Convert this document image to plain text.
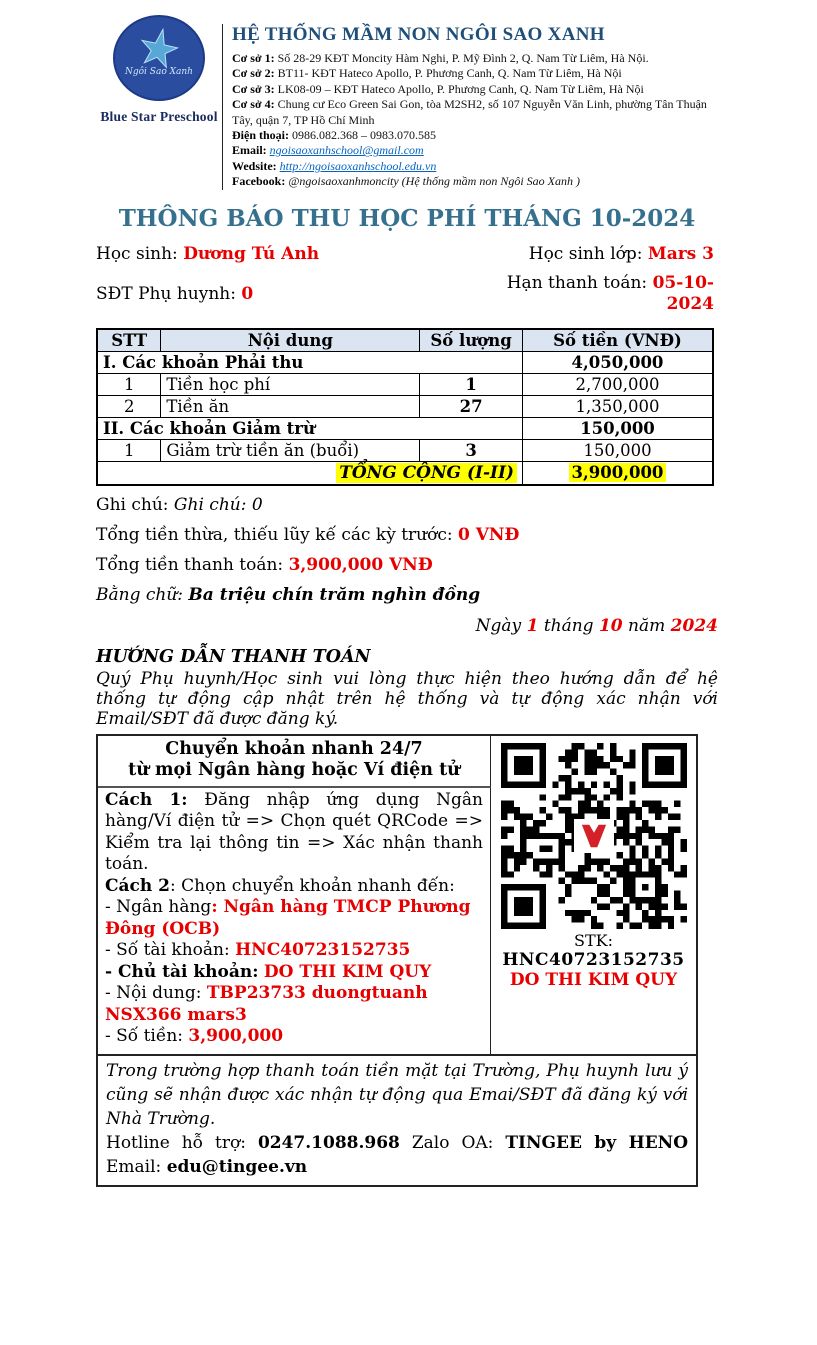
Ngôi Sao Xanh
Blue Star Preschool
HỆ THỐNG MẦM NON NGÔI SAO XANH
Cơ sở 1: Số 28-29 KĐT Moncity Hàm Nghi, P. Mỹ Đình 2, Q. Nam Từ Liêm, Hà Nội.
Cơ sở 2: BT11- KĐT Hateco Apollo, P. Phương Canh, Q. Nam Từ Liêm, Hà Nội
Cơ sở 3: LK08-09 – KĐT Hateco Apollo, P. Phương Canh, Q. Nam Từ Liêm, Hà Nội
Cơ sở 4: Chung cư Eco Green Sai Gon, tòa M2SH2, số 107 Nguyễn Văn Linh, phường Tân Thuận Tây, quận 7, TP Hồ Chí Minh
Điện thoại: 0986.082.368 – 0983.070.585
Email: ngoisaoxanhschool@gmail.com
Wedsite: http://ngoisaoxanhschool.edu.vn
Facebook: @ngoisaoxanhmoncity (Hệ thống mầm non Ngôi Sao Xanh )
THÔNG BÁO THU HỌC PHÍ THÁNG 10-2024
Học sinh: Dương Tú Anh	Học sinh lớp: Mars 3
SĐT Phụ huynh: 0
Hạn thanh toán: 05-10-2024
STT	Nội dung	Số lượng	Số tiền (VNĐ)
I. Các khoản Phải thu			4,050,000
1	Tiền học phí	1	2,700,000
2	Tiền ăn	27	1,350,000
II. Các khoản Giảm trừ			150,000
1	Giảm trừ tiền ăn (buổi)	3	150,000
TỔNG CỘNG (I-II)			3,900,000
Ghi chú: Ghi chú: 0
Tổng tiền thừa, thiếu lũy kế các kỳ trước: 0 VNĐ
Tổng tiền thanh toán: 3,900,000 VNĐ
Bằng chữ: Ba triệu chín trăm nghìn đồng
Ngày 1 tháng 10 năm 2024
HƯỚNG DẪN THANH TOÁN

Quý Phụ huynh/Học sinh vui lòng thực hiện theo hướng dẫn để hệ thống tự động cập nhật trên hệ thống và tự động xác nhận với Email/SĐT đã được đăng ký.

Chuyển khoản nhanh 24/7
từ mọi Ngân hàng hoặc Ví điện tử
STK:
HNC40723152735
DO THI KIM QUY

Cách 1: Đăng nhập ứng dụng Ngân hàng/Ví điện tử => Chọn quét QRCode => Kiểm tra lại thông tin => Xác nhận thanh toán.

Cách 2: Chọn chuyển khoản nhanh đến:

- Ngân hàng: Ngân hàng TMCP Phương Đông (OCB)

- Số tài khoản: HNC40723152735

- Chủ tài khoản: DO THI KIM QUY

- Nội dung: TBP23733 duongtuanh NSX366 mars3

- Số tiền: 3,900,000

Trong trường hợp thanh toán tiền mặt tại Trường, Phụ huynh lưu ý cũng sẽ nhận được xác nhận tự động qua Emai/SĐT đã đăng ký với Nhà Trường.
Hotline hỗ trợ: 0247.1088.968 Zalo OA: TINGEE by HENO Email: edu@tingee.vn
